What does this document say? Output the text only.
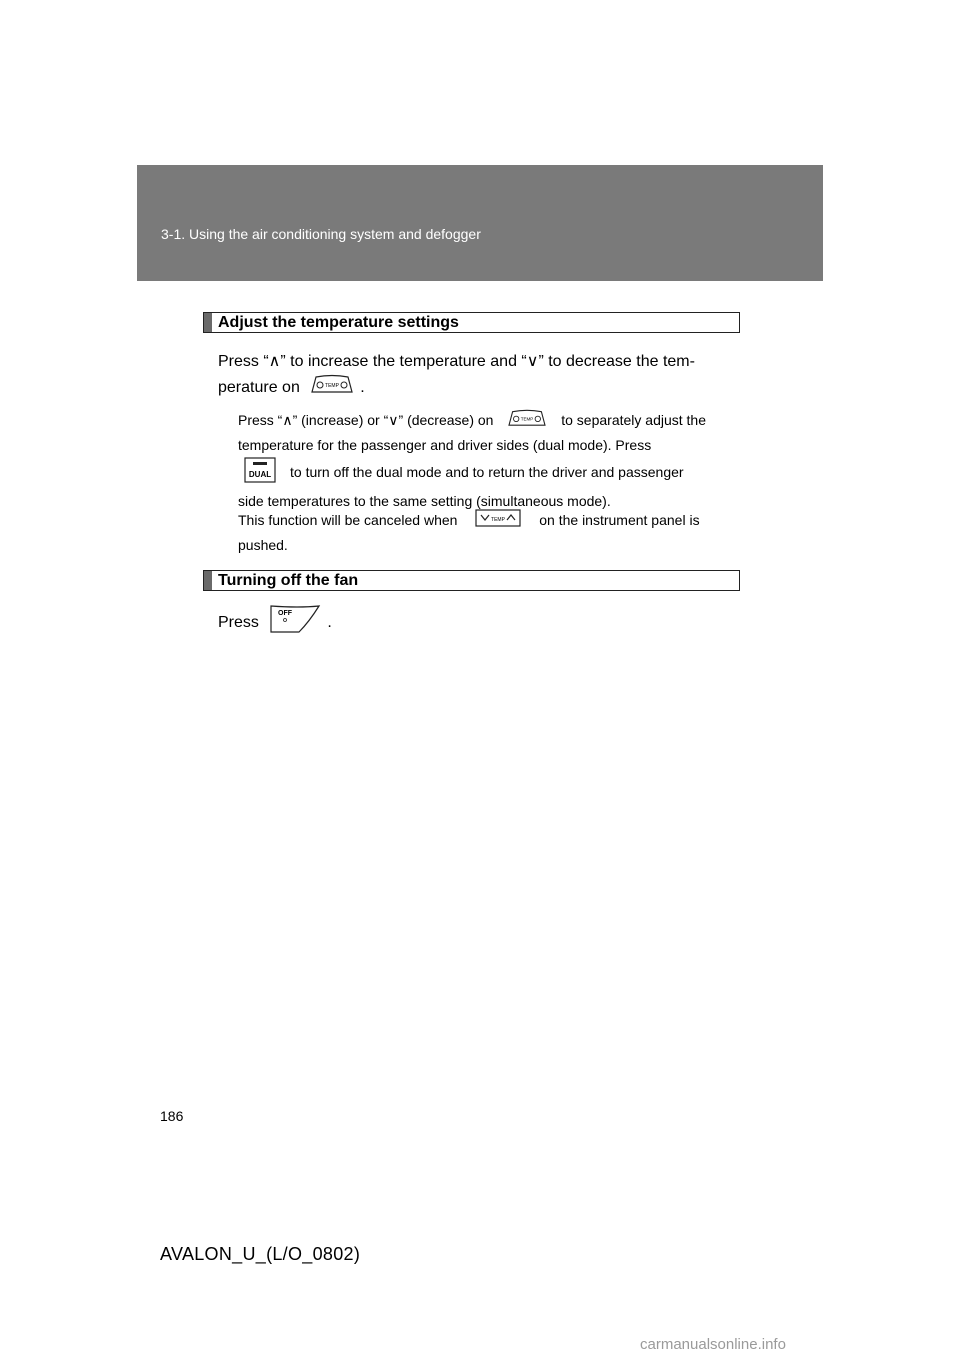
3-1. Using the air conditioning system and defogger
Adjust the temperature settings

Press “∧” to increase the temperature and “∨” to decrease the tem-
perature on	TEMP .

Press “∧” (increase) or “∨” (decrease) on	TEMP to separately adjust the
temperature for the passenger and driver sides (dual mode). Press

DUAL to turn off the dual mode and to return the driver and passenger
side temperatures to the same setting (simultaneous mode).

This function will be canceled when	TEMP on the instrument panel is
pushed.

Turning off the fan

Press
OFF
.

186
AVALON_U_(L/O_0802)
carmanualsonline.info
